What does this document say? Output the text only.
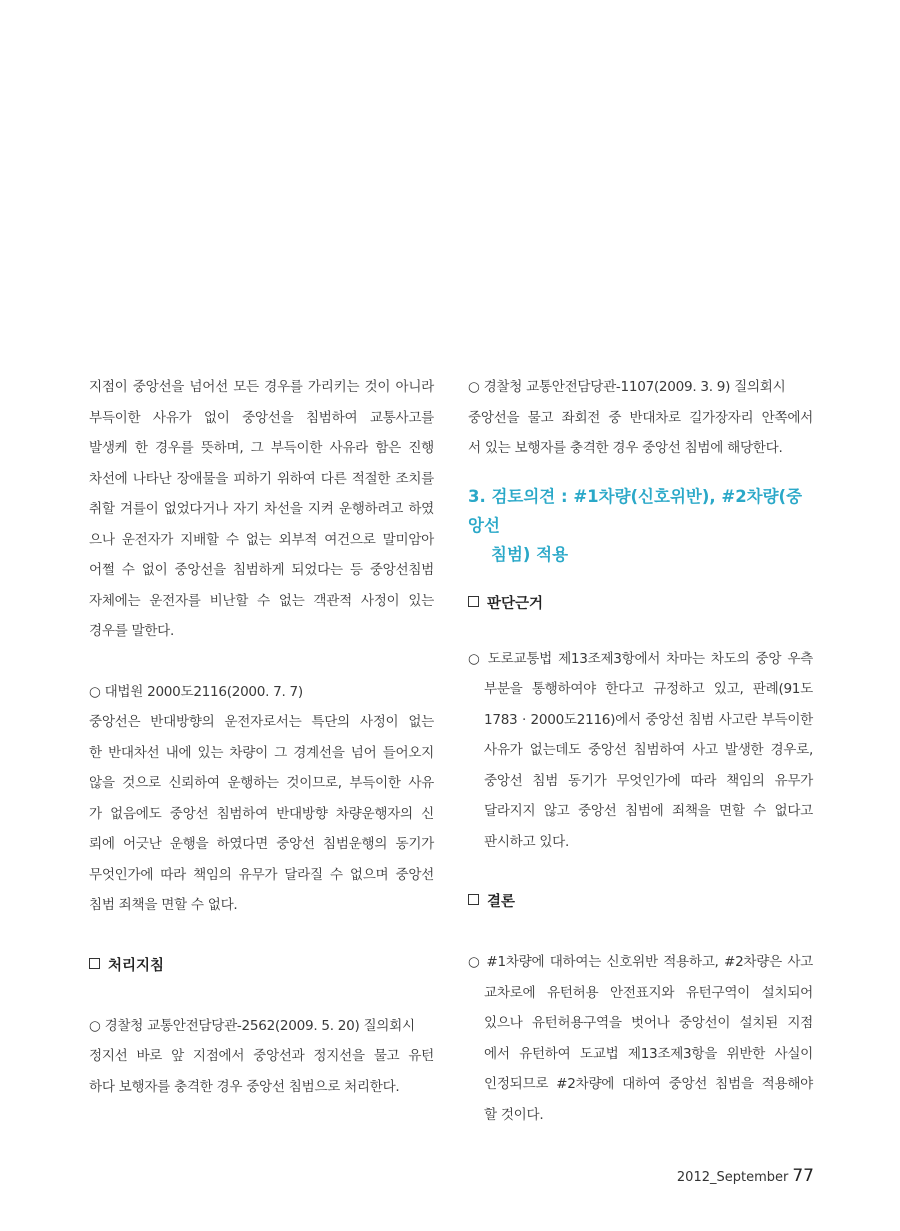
지점이 중앙선을 넘어선 모든 경우를 가리키는 것이 아니라

부득이한 사유가 없이 중앙선을 침범하여 교통사고를

발생케 한 경우를 뜻하며, 그 부득이한 사유라 함은 진행

차선에 나타난 장애물을 피하기 위하여 다른 적절한 조치를

취할 겨를이 없었다거나 자기 차선을 지켜 운행하려고 하였

으나 운전자가 지배할 수 없는 외부적 여건으로 말미암아

어쩔 수 없이 중앙선을 침범하게 되었다는 등 중앙선침범

자체에는 운전자를 비난할 수 없는 객관적 사정이 있는

경우를 말한다.

○ 대법원 2000도2116(2000. 7. 7)

중앙선은 반대방향의 운전자로서는 특단의 사정이 없는

한 반대차선 내에 있는 차량이 그 경계선을 넘어 들어오지

않을 것으로 신뢰하여 운행하는 것이므로, 부득이한 사유

가 없음에도 중앙선 침범하여 반대방향 차량운행자의 신

뢰에 어긋난 운행을 하였다면 중앙선 침범운행의 동기가

무엇인가에 따라 책임의 유무가 달라질 수 없으며 중앙선

침범 죄책을 면할 수 없다.

처리지침

○ 경찰청 교통안전담당관-2562(2009. 5. 20) 질의회시

정지선 바로 앞 지점에서 중앙선과 정지선을 물고 유턴

하다 보행자를 충격한 경우 중앙선 침범으로 처리한다.

○ 경찰청 교통안전담당관-1107(2009. 3. 9) 질의회시

중앙선을 물고 좌회전 중 반대차로 길가장자리 안쪽에서

서 있는 보행자를 충격한 경우 중앙선 침범에 해당한다.

3. 검토의견 : #1차량(신호위반), #2차량(중앙선
침범) 적용

판단근거

○ 도로교통법 제13조제3항에서 차마는 차도의 중앙 우측

부분을 통행하여야 한다고 규정하고 있고, 판례(91도

1783 · 2000도2116)에서 중앙선 침범 사고란 부득이한

사유가 없는데도 중앙선 침범하여 사고 발생한 경우로,

중앙선 침범 동기가 무엇인가에 따라 책임의 유무가

달라지지 않고 중앙선 침범에 죄책을 면할 수 없다고

판시하고 있다.

결론

○ #1차량에 대하여는 신호위반 적용하고, #2차량은 사고

교차로에 유턴허용 안전표지와 유턴구역이 설치되어

있으나 유턴허용구역을 벗어나 중앙선이 설치된 지점

에서 유턴하여 도교법 제13조제3항을 위반한 사실이

인정되므로 #2차량에 대하여 중앙선 침범을 적용해야

할 것이다.

2012_September 77
